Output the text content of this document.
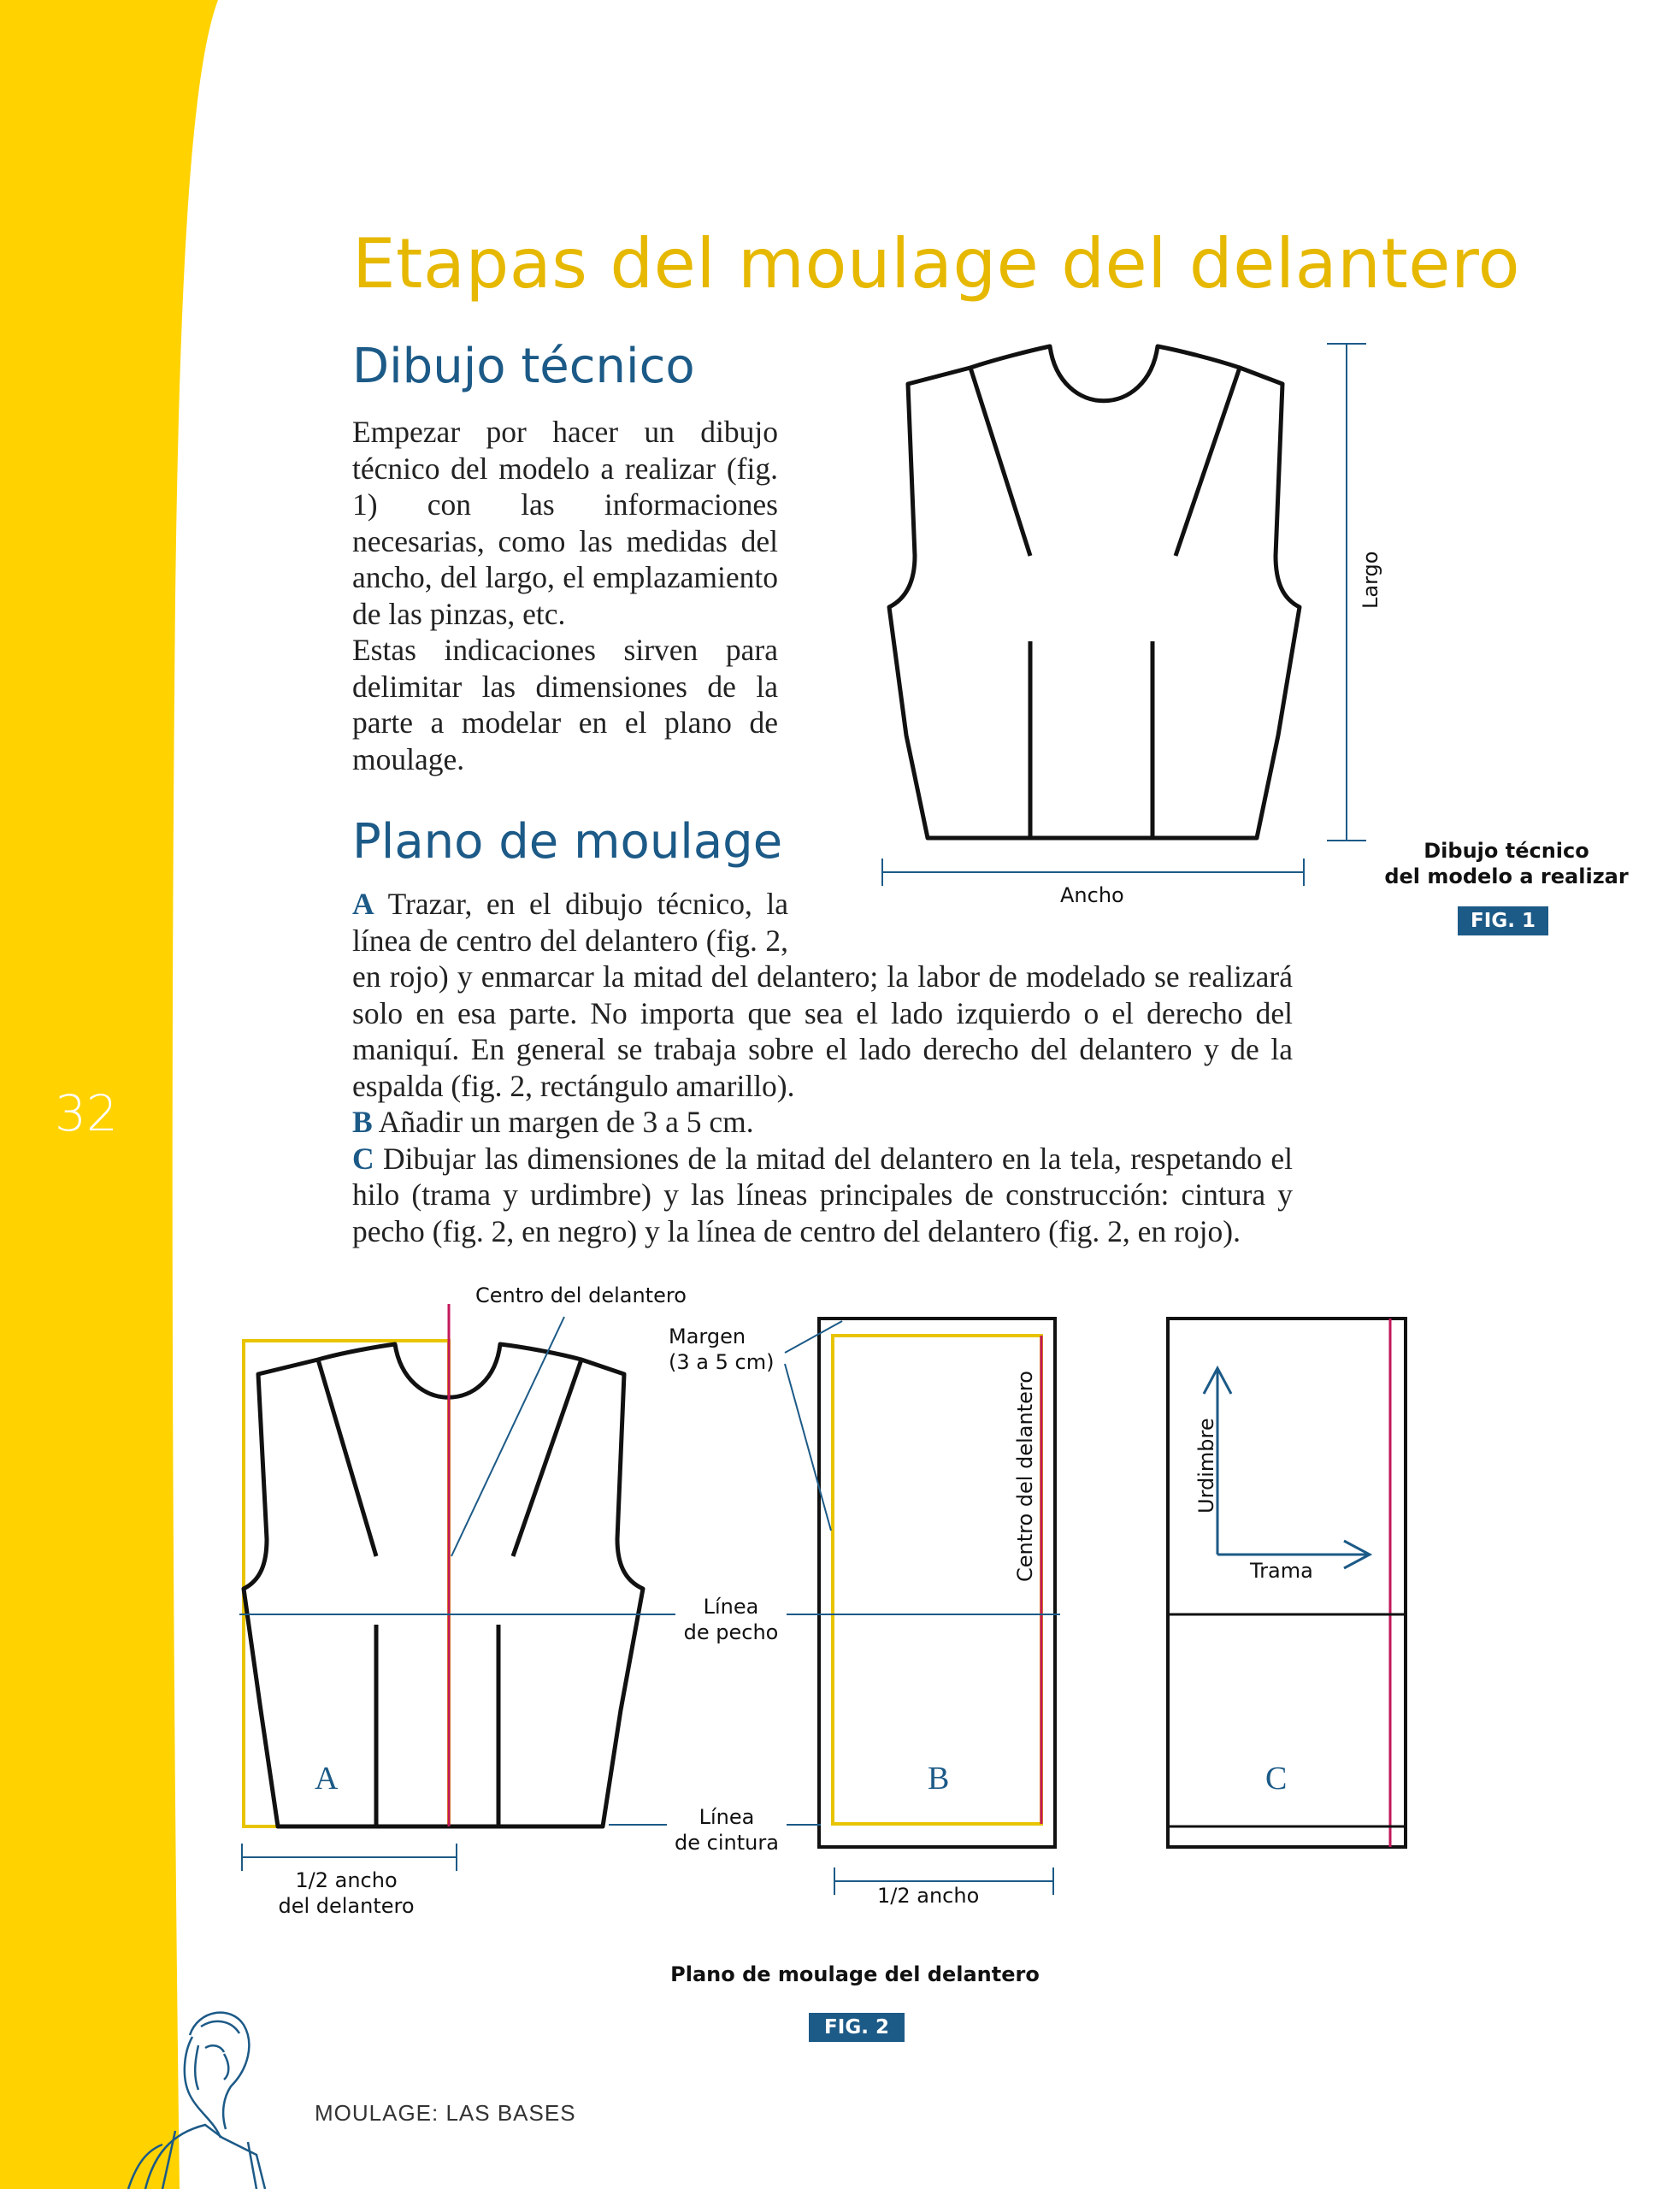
32
Etapas del moulage del delantero
Dibujo técnico

Empezar por hacer un dibujo técnico del modelo a realizar (fig. 1) con las informaciones necesarias, como las medidas del ancho, del largo, el emplazamiento de las pinzas, etc.

Estas indicaciones sirven para delimitar las dimensiones de la parte a modelar en el plano de moulage.

Plano de moulage

A Trazar, en el dibujo técnico, la línea de centro del delantero (fig. 2, en rojo) y enmarcar la mitad del delantero; la labor de modelado se realizará solo en esa parte. No importa que sea el lado izquierdo o el derecho del maniquí. En general se trabaja sobre el lado derecho del delantero y de la espalda (fig. 2, rectángulo amarillo).

B Añadir un margen de 3 a 5 cm.

C Dibujar las dimensiones de la mitad del delantero en la tela, respetando el hilo (trama y urdimbre) y las líneas principales de construcción: cintura y pecho (fig. 2, en negro) y la línea de centro del delantero (fig. 2, en rojo).

Largo
Ancho
Dibujo técnico
del modelo a realizar
FIG. 1
Centro del delantero
Margen
(3 a 5 cm)
Centro del delantero	Urdimbre
Trama
Línea
de pecho
Línea
de cintura
1/2 ancho
del delantero	1/2 ancho
A	B	C
Plano de moulage del delantero
FIG. 2
MOULAGE: LAS BASES
